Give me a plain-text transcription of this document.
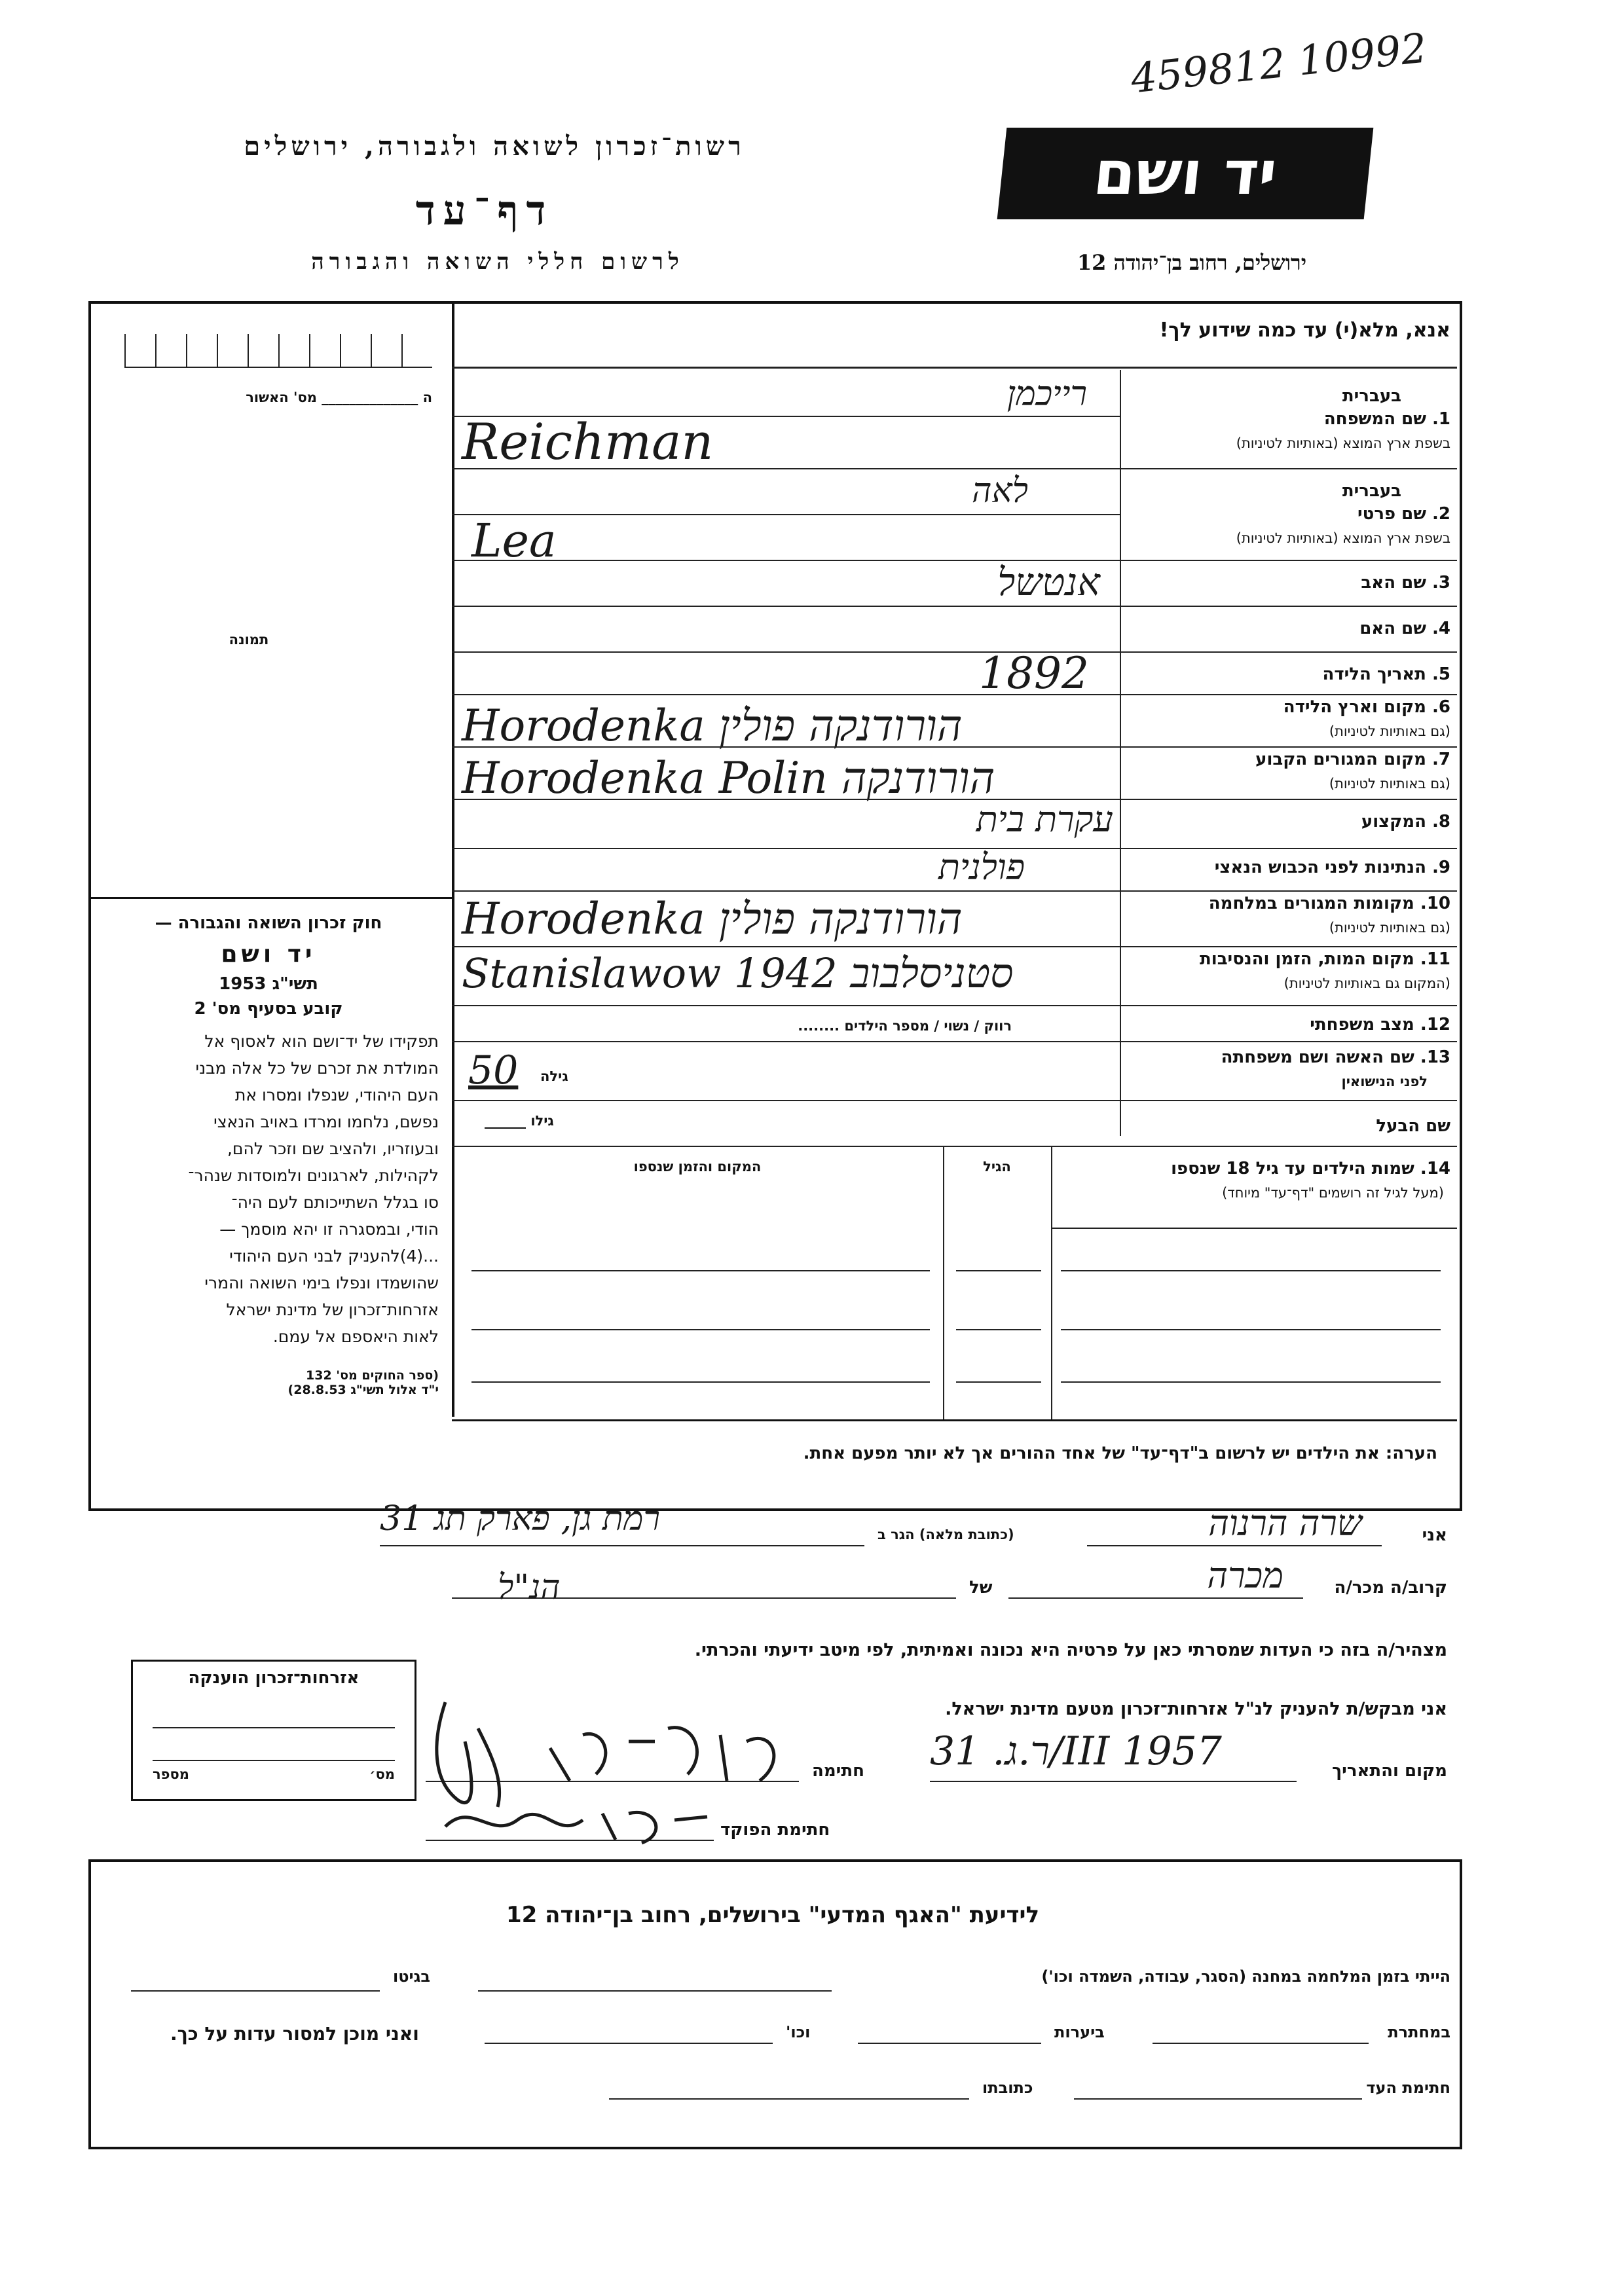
459812 10992
רשות־זכרון לשואה ולגבורה, ירושלים
דף־עד
לרשום חללי השואה והגבורה
יד ושם
ירושלים, רחוב בן־יהודה 12
אנא, מלא(י) עד כמה שידוע לך!
ה ______________ מס' האשור
תמונה
חוק זכרון השואה והגבורה —
יד ושם
תשי"ג 1953
קובע בסעיף מס' 2
תפקידו של יד־ושם הוא לאסוף אל
המולדת את זכרם של כל אלה מבני
העם היהודי, שנפלו ומסרו את
נפשם, נלחמו ומרדו באויב הנאצי
ובעוזריו, ולהציב שם וזכר להם,
לקהילות, לארגונים ולמוסדות שנהר־
סו בגלל השתייכותם לעם היה־
הודי, ובמסגרה זו יהא מוסמך —
...(4)להעניק לבני העם היהודי
שהושמדו ונפלו בימי השואה והמרי
אזרחות־זכרון של מדינת ישראל
לאות היאספם אל עמם.
(ספר החוקים מס' 132
י"ד אלול תשי"ג 28.8.53)
בעברית
1. שם המשפחה
בשפת ארץ המוצא (באותיות לטיניות)
רייכמן
Reichman
בעברית
2. שם פרטי
בשפת ארץ המוצא (באותיות לטיניות)
לאה
Lea
3. שם האב
אנטשל
4. שם האם
5. תאריך הלידה
1892
6. מקום וארץ הלידה
(גם באותיות לטיניות)
Horodenka הורודנקה פולין
7. מקום המגורים הקבוע
(גם באותיות לטיניות)
Horodenka Polin הורודנקה
8. המקצוע
עקרת בית
9. הנתינות לפני הכבוש הנאצי
פולנית
10. מקומות המגורים במלחמה
(גם באותיות לטיניות)
Horodenka הורודנקה פולין
11. מקום המות, הזמן והנסיבות
(המקום גם באותיות לטיניות)
Stanislawow 1942 סטניסלבוב
12. מצב משפחתי
רווק / נשוי / מספר הילדים ........
13. שם האשה ושם משפחתה
לפני הנישואין
גילה
50
שם הבעל
גילו ______
14. שמות הילדים עד גיל 18 שנספו
(מעל לגיל זה רושמים "דף־עד" מיוחד)
הגיל
המקום והזמן שנספו
הערה: את הילדים יש לרשום ב"דף־עד" של אחד ההורים אך לא יותר מפעם אחת.
אני
שרה הרנוה
(כתובת מלאה) הגר ב
רמת גן, פארק תג 31
קרוב/ה מכר/ה
מכרה
של
הנ"ל
מצהיר/ה בזה כי העדות שמסרתי כאן על פרטיה היא נכונה ואמיתית, לפי מיטב ידיעתי והכרתי.
אני מבקש/ת להעניק לנ"ל אזרחות־זכרון מטעם מדינת ישראל.
מקום והתאריך
ר.ג. 31/III 1957
חתימה
חתימת הפוקד
אזרחות־זכרון הוענקה
מס׳
מספר
לידיעת "האגף המדעי" בירושלים, רחוב בן־יהודה 12
הייתי בזמן המלחמה במחנה (הסגר, עבודה, השמדה וכו')
בגיטו
במחתרת
ביערות
וכו'
ואני מוכן למסור עדות על כך.
חתימת העד
כתובתו
